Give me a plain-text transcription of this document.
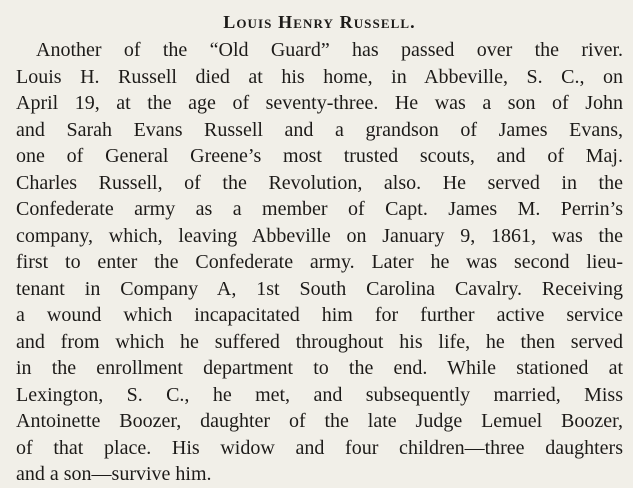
Louis Henry Russell.
Another of the “Old Guard” has passed over the river.
Louis H. Russell died at his home, in Abbeville, S. C., on
April 19, at the age of seventy-three. He was a son of John
and Sarah Evans Russell and a grandson of James Evans,
one of General Greene’s most trusted scouts, and of Maj.
Charles Russell, of the Revolution, also. He served in the
Confederate army as a member of Capt. James M. Perrin’s
company, which, leaving Abbeville on January 9, 1861, was the
first to enter the Confederate army. Later he was second lieu-
tenant in Company A, 1st South Carolina Cavalry. Receiving
a wound which incapacitated him for further active service
and from which he suffered throughout his life, he then served
in the enrollment department to the end. While stationed at
Lexington, S. C., he met, and subsequently married, Miss
Antoinette Boozer, daughter of the late Judge Lemuel Boozer,
of that place. His widow and four children—three daughters
and a son—survive him.
